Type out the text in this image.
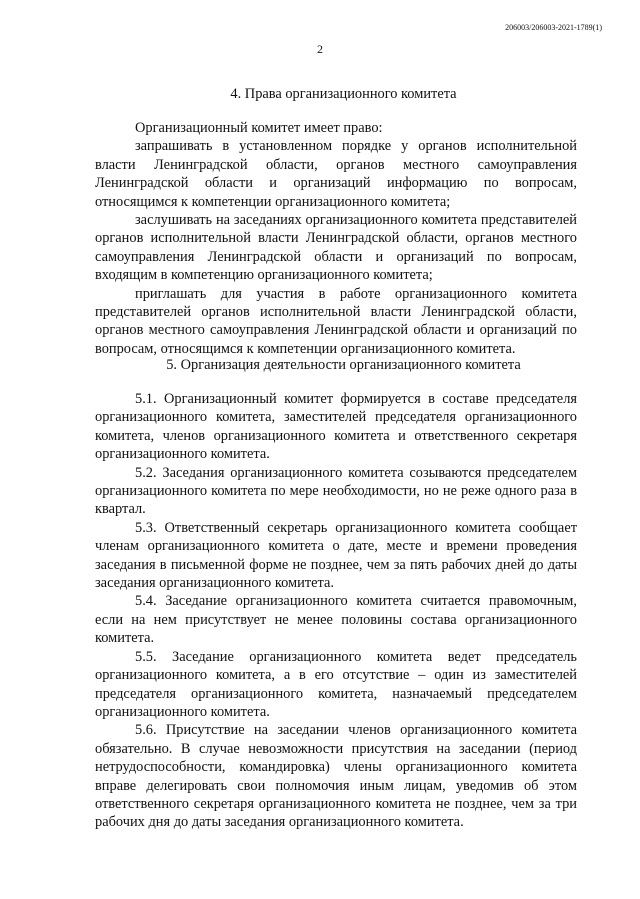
206003/206003-2021-1789(1)
2
4. Права организационного комитета

Организационный комитет имеет право:

запрашивать в установленном порядке у органов исполнительной власти Ленинградской области, органов местного самоуправления Ленинградской области и организаций информацию по вопросам, относящимся к компетенции организационного комитета;

заслушивать на заседаниях организационного комитета представителей органов исполнительной власти Ленинградской области, органов местного самоуправления Ленинградской области и организаций по вопросам, входящим в компетенцию организационного комитета;

приглашать для участия в работе организационного комитета представителей органов исполнительной власти Ленинградской области, органов местного самоуправления Ленинградской области и организаций по вопросам, относящимся к компетенции организационного комитета.

5. Организация деятельности организационного комитета

5.1. Организационный комитет формируется в составе председателя организационного комитета, заместителей председателя организационного комитета, членов организационного комитета и ответственного секретаря организационного комитета.

5.2. Заседания организационного комитета созываются председателем организационного комитета по мере необходимости, но не реже одного раза в квартал.

5.3. Ответственный секретарь организационного комитета сообщает членам организационного комитета о дате, месте и времени проведения заседания в письменной форме не позднее, чем за пять рабочих дней до даты заседания организационного комитета.

5.4. Заседание организационного комитета считается правомочным, если на нем присутствует не менее половины состава организационного комитета.

5.5. Заседание организационного комитета ведет председатель организационного комитета, а в его отсутствие – один из заместителей председателя организационного комитета, назначаемый председателем организационного комитета.

5.6. Присутствие на заседании членов организационного комитета обязательно. В случае невозможности присутствия на заседании (период нетрудоспособности, командировка) члены организационного комитета вправе делегировать свои полномочия иным лицам, уведомив об этом ответственного секретаря организационного комитета не позднее, чем за три рабочих дня до даты заседания организационного комитета.
